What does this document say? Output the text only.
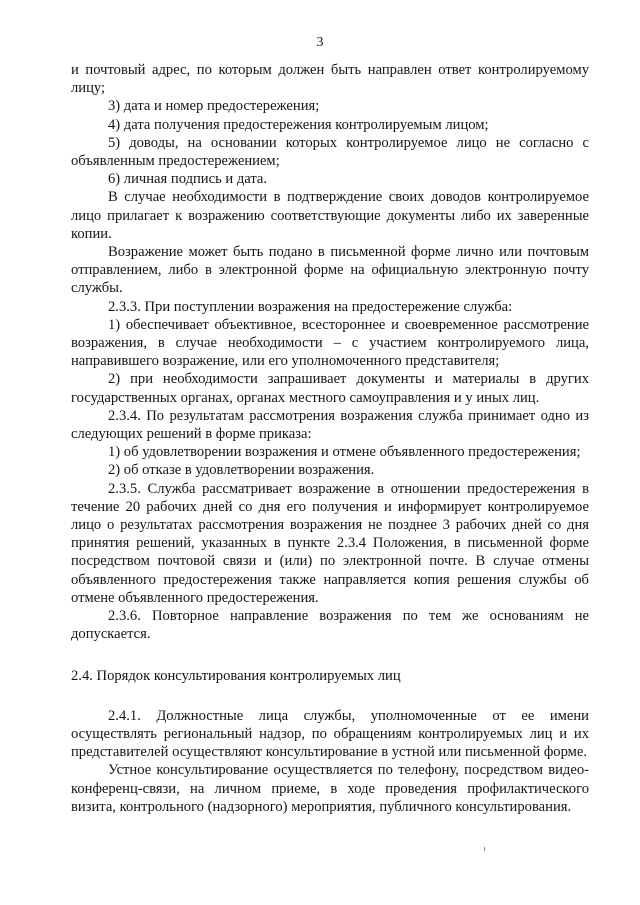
3

и почтовый адрес, по которым должен быть направлен ответ контролируемому лицу;

3) дата и номер предостережения;

4) дата получения предостережения контролируемым лицом;

5) доводы, на основании которых контролируемое лицо не согласно с объявленным предостережением;

6) личная подпись и дата.

В случае необходимости в подтверждение своих доводов контролируемое лицо прилагает к возражению соответствующие документы либо их заверенные копии.

Возражение может быть подано в письменной форме лично или почтовым отправлением, либо в электронной форме на официальную электронную почту службы.

2.3.3. При поступлении возражения на предостережение служба:

1) обеспечивает объективное, всестороннее и своевременное рассмотрение возражения, в случае необходимости – с участием контролируемого лица, направившего возражение, или его уполномоченного представителя;

2) при необходимости запрашивает документы и материалы в других государственных органах, органах местного самоуправления и у иных лиц.

2.3.4. По результатам рассмотрения возражения служба принимает одно из следующих решений в форме приказа:

1) об удовлетворении возражения и отмене объявленного предостережения;

2) об отказе в удовлетворении возражения.

2.3.5. Служба рассматривает возражение в отношении предостережения в течение 20 рабочих дней со дня его получения и информирует контролируемое лицо о результатах рассмотрения возражения не позднее 3 рабочих дней со дня принятия решений, указанных в пункте 2.3.4 Положения, в письменной форме посредством почтовой связи и (или) по электронной почте. В случае отмены объявленного предостережения также направляется копия решения службы об отмене объявленного предостережения.

2.3.6. Повторное направление возражения по тем же основаниям не допускается.

2.4. Порядок консультирования контролируемых лиц

2.4.1. Должностные лица службы, уполномоченные от ее имени осуществлять региональный надзор, по обращениям контролируемых лиц и их представителей осуществляют консультирование в устной или письменной форме.

Устное консультирование осуществляется по телефону, посредством видео-конференц-связи, на личном приеме, в ходе проведения профилактического визита, контрольного (надзорного) мероприятия, публичного консультирования.
